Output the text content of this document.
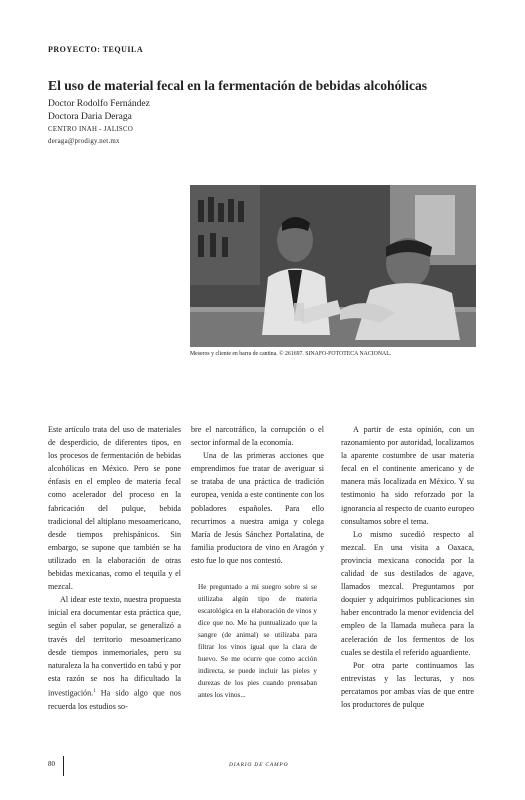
PROYECTO: TEQUILA
El uso de material fecal en la fermentación de bebidas alcohólicas
Doctor Rodolfo Fernández
Doctora Daria Deraga
CENTRO INAH - JALISCO
deraga@prodigy.net.mx
Meseros y cliente en barra de cantina. © 261697. SINAFO-FOTOTECA NACIONAL.

Este artículo trata del uso de materiales de desperdicio, de diferentes tipos, en los procesos de fermentación de bebidas alcohólicas en México. Pero se pone énfasis en el empleo de materia fecal como acelerador del proceso en la fabricación del pulque, bebida tradicional del altiplano mesoamericano, desde tiempos prehispánicos. Sin embargo, se supone que también se ha utilizado en la elaboración de otras bebidas mexicanas, como el tequila y el mezcal.

Al idear este texto, nuestra propuesta inicial era documentar esta práctica que, según el saber popular, se generalizó a través del territorio mesoamericano desde tiempos inmemoriales, pero su naturaleza la ha convertido en tabú y por esta razón se nos ha dificultado la investigación.$^1$ Ha sido algo que nos recuerda los estudios so-

bre el narcotráfico, la corrupción o el sector informal de la economía.

Una de las primeras acciones que emprendimos fue tratar de averiguar si se trataba de una práctica de tradición europea, venida a este continente con los pobladores españoles. Para ello recurrimos a nuestra amiga y colega María de Jesús Sánchez Portalatina, de familia productora de vino en Aragón y esto fue lo que nos contestó.

He preguntado a mi suegro sobre si se utilizaba algún tipo de materia escatológica en la elaboración de vinos y dice que no. Me ha puntualizado que la sangre (de animal) se utilizaba para filtrar los vinos igual que la clara de huevo. Se me ocurre que como acción indirecta, se puede incluir las pieles y durezas de los pies cuando prensaban antes los vinos...

A partir de esta opinión, con un razonamiento por autoridad, localizamos la aparente costumbre de usar materia fecal en el continente americano y de manera más localizada en México. Y su testimonio ha sido reforzado por la ignorancia al respecto de cuanto europeo consultamos sobre el tema.

Lo mismo sucedió respecto al mezcal. En una visita a Oaxaca, provincia mexicana conocida por la calidad de sus destilados de agave, llamados mezcal. Preguntamos por doquier y adquirimos publicaciones sin haber encontrado la menor evidencia del empleo de la llamada muñeca para la aceleración de los fermentos de los cuales se destila el referido aguardiente.

Por otra parte continuamos las entrevistas y las lecturas, y nos percatamos por ambas vías de que entre los productores de pulque

80	DIARIO DE CAMPO
